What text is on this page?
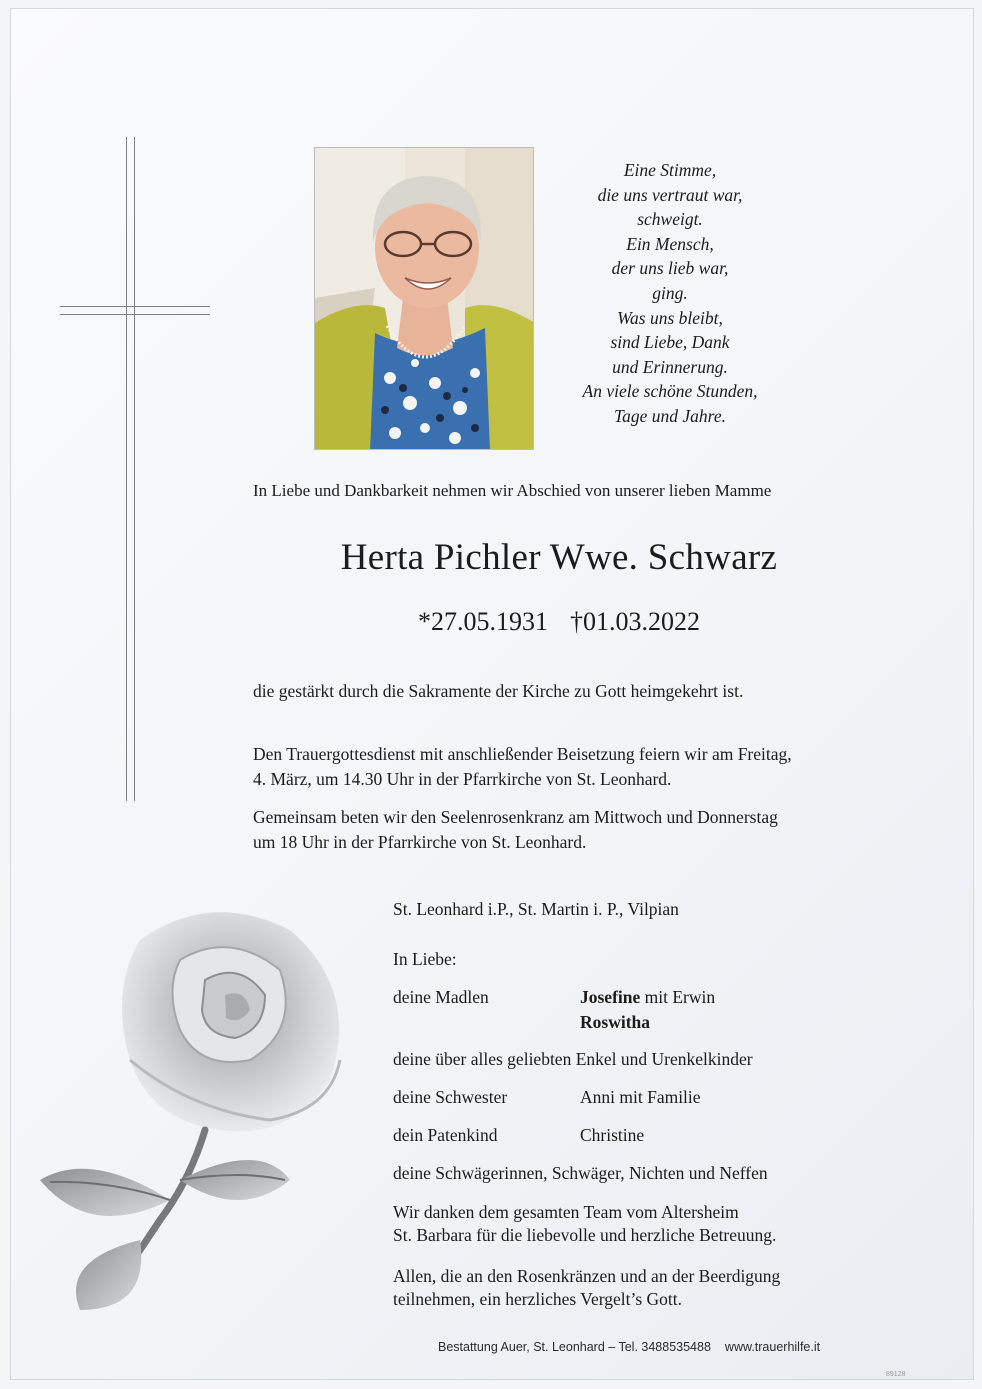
Eine Stimme,
die uns vertraut war,
schweigt.
Ein Mensch,
der uns lieb war,
ging.
Was uns bleibt,
sind Liebe, Dank
und Erinnerung.
An viele schöne Stunden,
Tage und Jahre.
In Liebe und Dankbarkeit nehmen wir Abschied von unserer lieben Mamme
Herta Pichler Wwe. Schwarz
*27.05.1931 †01.03.2022
die gestärkt durch die Sakramente der Kirche zu Gott heimgekehrt ist.
Den Trauergottesdienst mit anschließender Beisetzung feiern wir am Freitag,
4. März, um 14.30 Uhr in der Pfarrkirche von St. Leonhard.
Gemeinsam beten wir den Seelenrosenkranz am Mittwoch und Donnerstag
um 18 Uhr in der Pfarrkirche von St. Leonhard.
St. Leonhard i.P., St. Martin i. P., Vilpian
In Liebe:
deine Madlen	Josefine mit Erwin
Roswitha
deine über alles geliebten Enkel und Urenkelkinder
deine Schwester	Anni mit Familie
dein Patenkind	Christine
deine Schwägerinnen, Schwäger, Nichten und Neffen
Wir danken dem gesamten Team vom Altersheim
St. Barbara für die liebevolle und herzliche Betreuung.
Allen, die an den Rosenkränzen und an der Beerdigung
teilnehmen, ein herzliches Vergelt’s Gott.
Bestattung Auer, St. Leonhard – Tel. 3488535488 www.trauerhilfe.it
89128
